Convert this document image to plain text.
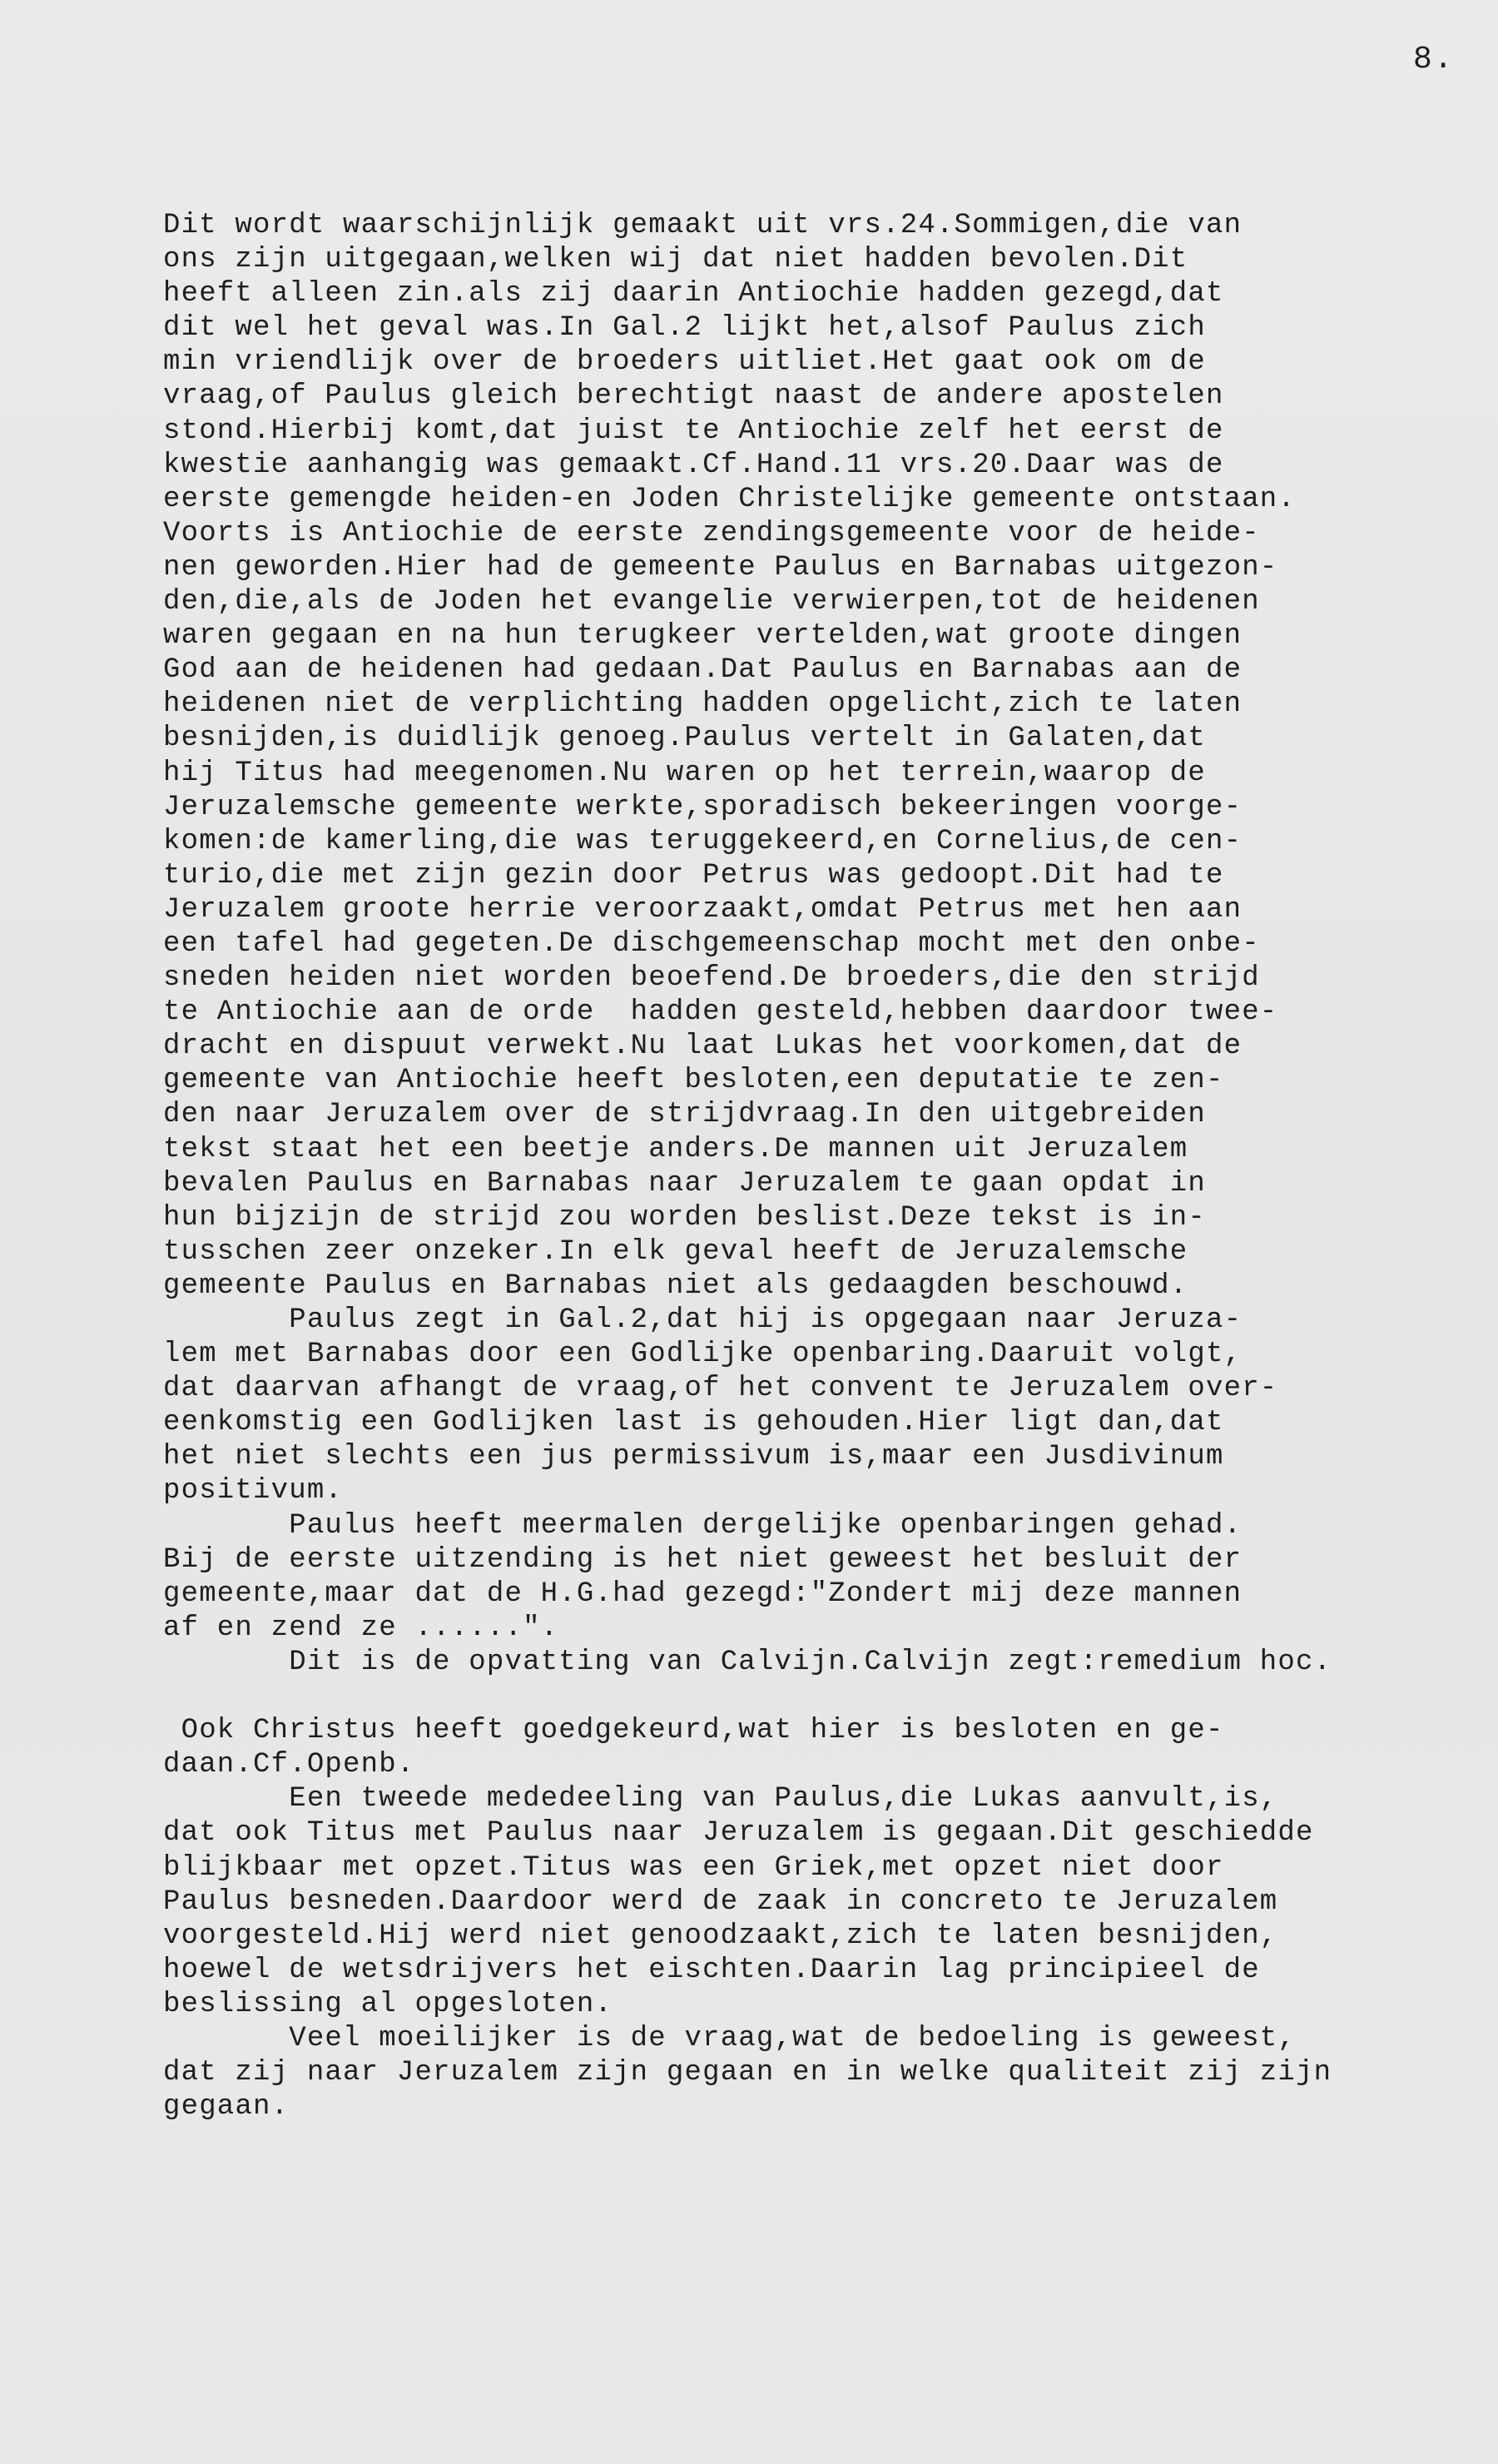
8.
Dit wordt waarschijnlijk gemaakt uit vrs.24.Sommigen,die van
ons zijn uitgegaan,welken wij dat niet hadden bevolen.Dit
heeft alleen zin.als zij daarin Antiochie hadden gezegd,dat
dit wel het geval was.In Gal.2 lijkt het,alsof Paulus zich
min vriendlijk over de broeders uitliet.Het gaat ook om de
vraag,of Paulus gleich berechtigt naast de andere apostelen
stond.Hierbij komt,dat juist te Antiochie zelf het eerst de
kwestie aanhangig was gemaakt.Cf.Hand.11 vrs.20.Daar was de
eerste gemengde heiden-en Joden Christelijke gemeente ontstaan.
Voorts is Antiochie de eerste zendingsgemeente voor de heide-
nen geworden.Hier had de gemeente Paulus en Barnabas uitgezon-
den,die,als de Joden het evangelie verwierpen,tot de heidenen
waren gegaan en na hun terugkeer vertelden,wat groote dingen
God aan de heidenen had gedaan.Dat Paulus en Barnabas aan de
heidenen niet de verplichting hadden opgelicht,zich te laten
besnijden,is duidlijk genoeg.Paulus vertelt in Galaten,dat
hij Titus had meegenomen.Nu waren op het terrein,waarop de
Jeruzalemsche gemeente werkte,sporadisch bekeeringen voorge-
komen:de kamerling,die was teruggekeerd,en Cornelius,de cen-
turio,die met zijn gezin door Petrus was gedoopt.Dit had te
Jeruzalem groote herrie veroorzaakt,omdat Petrus met hen aan
een tafel had gegeten.De dischgemeenschap mocht met den onbe-
sneden heiden niet worden beoefend.De broeders,die den strijd
te Antiochie aan de orde  hadden gesteld,hebben daardoor twee-
dracht en dispuut verwekt.Nu laat Lukas het voorkomen,dat de
gemeente van Antiochie heeft besloten,een deputatie te zen-
den naar Jeruzalem over de strijdvraag.In den uitgebreiden
tekst staat het een beetje anders.De mannen uit Jeruzalem
bevalen Paulus en Barnabas naar Jeruzalem te gaan opdat in
hun bijzijn de strijd zou worden beslist.Deze tekst is in-
tusschen zeer onzeker.In elk geval heeft de Jeruzalemsche
gemeente Paulus en Barnabas niet als gedaagden beschouwd.
Paulus zegt in Gal.2,dat hij is opgegaan naar Jeruza-
lem met Barnabas door een Godlijke openbaring.Daaruit volgt,
dat daarvan afhangt de vraag,of het convent te Jeruzalem over-
eenkomstig een Godlijken last is gehouden.Hier ligt dan,dat
het niet slechts een jus permissivum is,maar een Jusdivinum
positivum.
Paulus heeft meermalen dergelijke openbaringen gehad.
Bij de eerste uitzending is het niet geweest het besluit der
gemeente,maar dat de H.G.had gezegd:"Zondert mij deze mannen
af en zend ze ......".
Dit is de opvatting van Calvijn.Calvijn zegt:remedium hoc.
Ook Christus heeft goedgekeurd,wat hier is besloten en ge-
daan.Cf.Openb.
Een tweede mededeeling van Paulus,die Lukas aanvult,is,
dat ook Titus met Paulus naar Jeruzalem is gegaan.Dit geschiedde
blijkbaar met opzet.Titus was een Griek,met opzet niet door
Paulus besneden.Daardoor werd de zaak in concreto te Jeruzalem
voorgesteld.Hij werd niet genoodzaakt,zich te laten besnijden,
hoewel de wetsdrijvers het eischten.Daarin lag principieel de
beslissing al opgesloten.
Veel moeilijker is de vraag,wat de bedoeling is geweest,
dat zij naar Jeruzalem zijn gegaan en in welke qualiteit zij zijn
gegaan.
